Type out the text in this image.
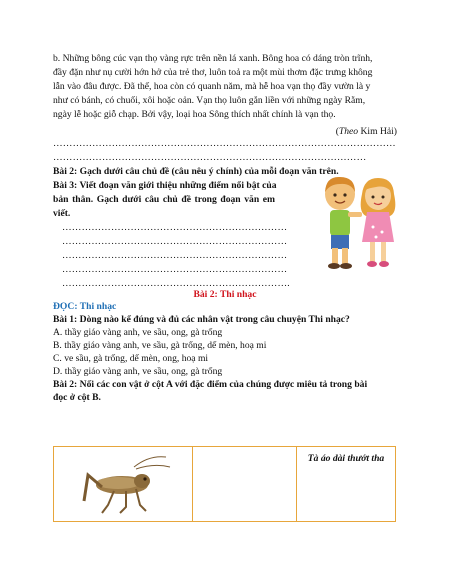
b. Những bông cúc vạn thọ vàng rực trên nền lá xanh. Bông hoa có dáng tròn trĩnh,

đầy đặn như nụ cười hớn hở của trẻ thơ, luôn toả ra một mùi thơm đặc trưng không

lẫn vào đâu được. Đã thế, hoa còn có quanh năm, mà hễ hoa vạn thọ đầy vườn là y

như có bánh, có chuối, xôi hoặc oản. Vạn thọ luôn gắn liền với những ngày Rằm,

ngày lễ hoặc giỗ chạp. Bởi vậy, loại hoa Sông thích nhất chính là vạn thọ.

(Theo Kim Hải)
……………………………………………………………………………………………
……………………………………………………………………………………

Bài 2: Gạch dưới câu chủ đề (câu nêu ý chính) của mỗi đoạn văn trên.

Bài 3: Viết đoạn văn giới thiệu những điểm nổi bật của

bản thân. Gạch dưới câu chủ đề trong đoạn văn em

viết.

……………………………………………………………
……………………………………………………………
……………………………………………………………
……………………………………………………………
…………………………………………………………….

Bài 2: Thi nhạc

ĐỌC: Thi nhạc

Bài 1: Dòng nào kể đúng và đủ các nhân vật trong câu chuyện Thi nhạc?

A. thầy giáo vàng anh, ve sầu, ong, gà trống

B. thầy giáo vàng anh, ve sầu, gà trống, dế mèn, hoạ mi

C. ve sầu, gà trống, dế mèn, ong, hoạ mi

D. thầy giáo vàng anh, ve sầu, ong, gà trống

Bài 2: Nối các con vật ở cột A với đặc điểm của chúng được miêu tả trong bài

đọc ở cột B.

Tà áo dài thướt tha
